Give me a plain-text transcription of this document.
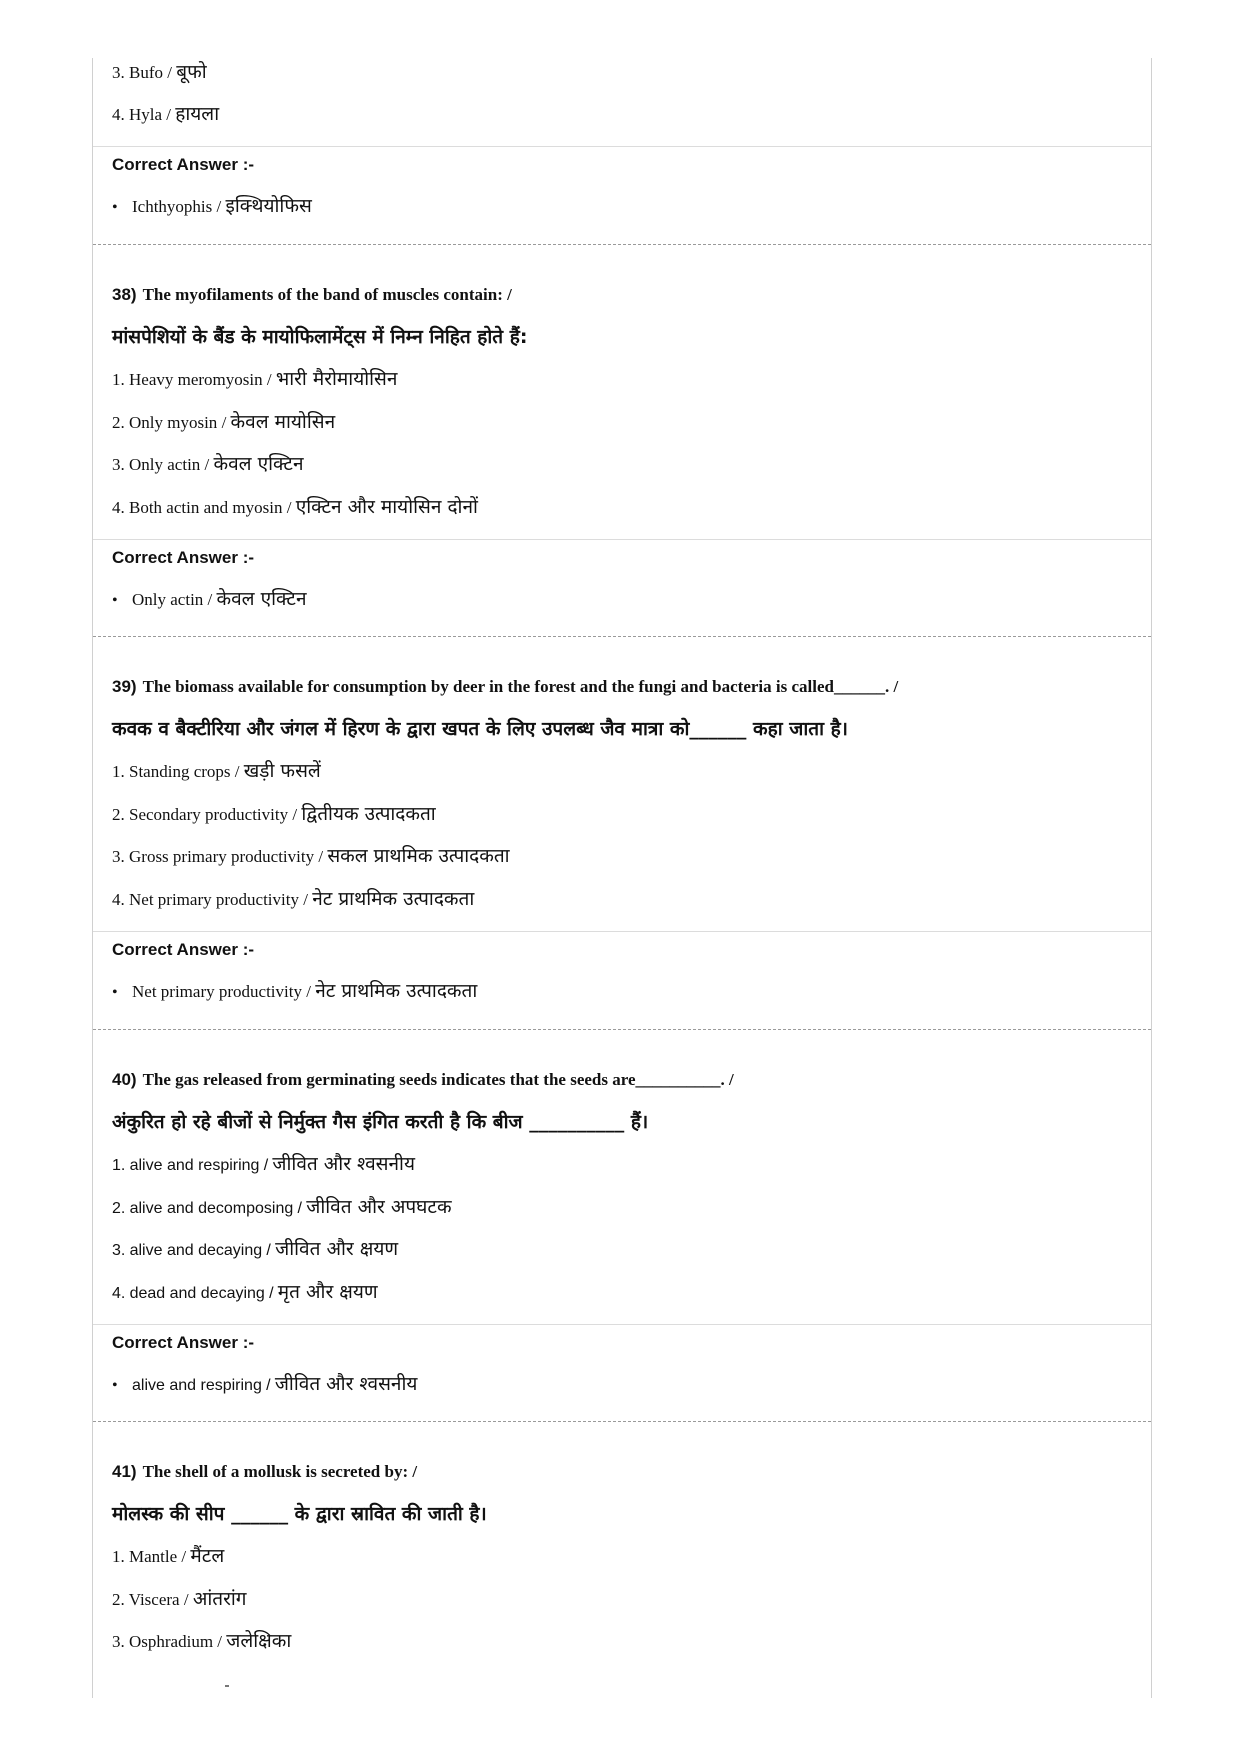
3. Bufo / बूफो
4. Hyla / हायला
Correct Answer :-
• Ichthyophis / इक्थियोफिस
38) The myofilaments of the band of muscles contain: /
मांसपेशियों के बैंड के मायोफिलामेंट्स में निम्न निहित होते हैं:
1. Heavy meromyosin / भारी मैरोमायोसिन
2. Only myosin / केवल मायोसिन
3. Only actin / केवल एक्टिन
4. Both actin and myosin / एक्टिन और मायोसिन दोनों
Correct Answer :-
• Only actin / केवल एक्टिन
39) The biomass available for consumption by deer in the forest and the fungi and bacteria is called______. /
कवक व बैक्टीरिया और जंगल में हिरण के द्वारा खपत के लिए उपलब्ध जैव मात्रा को______ कहा जाता है।
1. Standing crops / खड़ी फसलें
2. Secondary productivity / द्वितीयक उत्पादकता
3. Gross primary productivity / सकल प्राथमिक उत्पादकता
4. Net primary productivity / नेट प्राथमिक उत्पादकता
Correct Answer :-
• Net primary productivity / नेट प्राथमिक उत्पादकता
40) The gas released from germinating seeds indicates that the seeds are__________. /
अंकुरित हो रहे बीजों से निर्मुक्त गैस इंगित करती है कि बीज __________ हैं।
1. alive and respiring / जीवित और श्वसनीय
2. alive and decomposing / जीवित और अपघटक
3. alive and decaying / जीवित और क्षयण
4. dead and decaying / मृत और क्षयण
Correct Answer :-
• alive and respiring / जीवित और श्वसनीय
41) The shell of a mollusk is secreted by: /
मोलस्क की सीप ______ के द्वारा स्रावित की जाती है।
1. Mantle / मैंटल
2. Viscera / आंतरांग
3. Osphradium / जलेक्षिका
